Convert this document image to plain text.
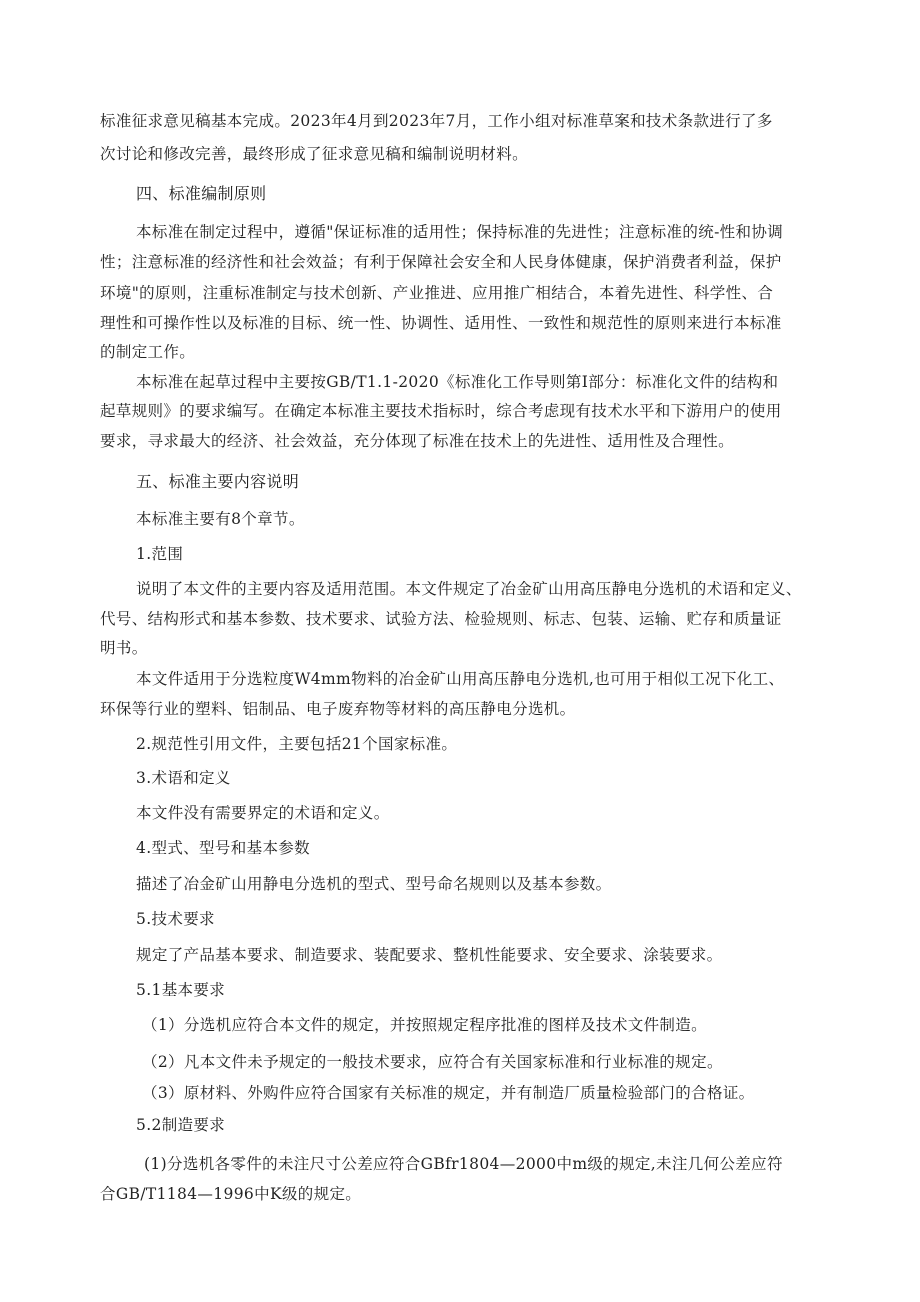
标准征求意见稿基本完成。2023年4月到2023年7月，工作小组对标准草案和技术条款进行了多
次讨论和修改完善，最终形成了征求意见稿和编制说明材料。
四、标准编制原则
本标准在制定过程中，遵循"保证标准的适用性；保持标准的先进性；注意标准的统-性和协调
性；注意标准的经济性和社会效益；有利于保障社会安全和人民身体健康，保护消费者利益，保护
环境"的原则，注重标准制定与技术创新、产业推进、应用推广相结合，本着先进性、科学性、合
理性和可操作性以及标准的目标、统一性、协调性、适用性、一致性和规范性的原则来进行本标准
的制定工作。
本标准在起草过程中主要按GB/T1.1-2020《标准化工作导则第I部分：标准化文件的结构和
起草规则》的要求编写。在确定本标准主要技术指标时，综合考虑现有技术水平和下游用户的使用
要求，寻求最大的经济、社会效益，充分体现了标准在技术上的先进性、适用性及合理性。
五、标准主要内容说明
本标准主要有8个章节。
1.范围
说明了本文件的主要内容及适用范围。本文件规定了冶金矿山用高压静电分选机的术语和定义、
代号、结构形式和基本参数、技术要求、试验方法、检验规则、标志、包装、运输、贮存和质量证
明书。
本文件适用于分选粒度W4mm物料的冶金矿山用高压静电分选机,也可用于相似工况下化工、
环保等行业的塑料、铝制品、电子废弃物等材料的高压静电分选机。
2.规范性引用文件，主要包括21个国家标准。
3.术语和定义
本文件没有需要界定的术语和定义。
4.型式、型号和基本参数
描述了冶金矿山用静电分选机的型式、型号命名规则以及基本参数。
5.技术要求
规定了产品基本要求、制造要求、装配要求、整机性能要求、安全要求、涂装要求。
5.1基本要求
（1）分选机应符合本文件的规定，并按照规定程序批准的图样及技术文件制造。
（2）凡本文件未予规定的一般技术要求，应符合有关国家标准和行业标准的规定。
（3）原材料、外购件应符合国家有关标准的规定，并有制造厂质量检验部门的合格证。
5.2制造要求
(1)分选机各零件的未注尺寸公差应符合GBfr1804—2000中m级的规定,未注几何公差应符
合GB/T1184—1996中K级的规定。
